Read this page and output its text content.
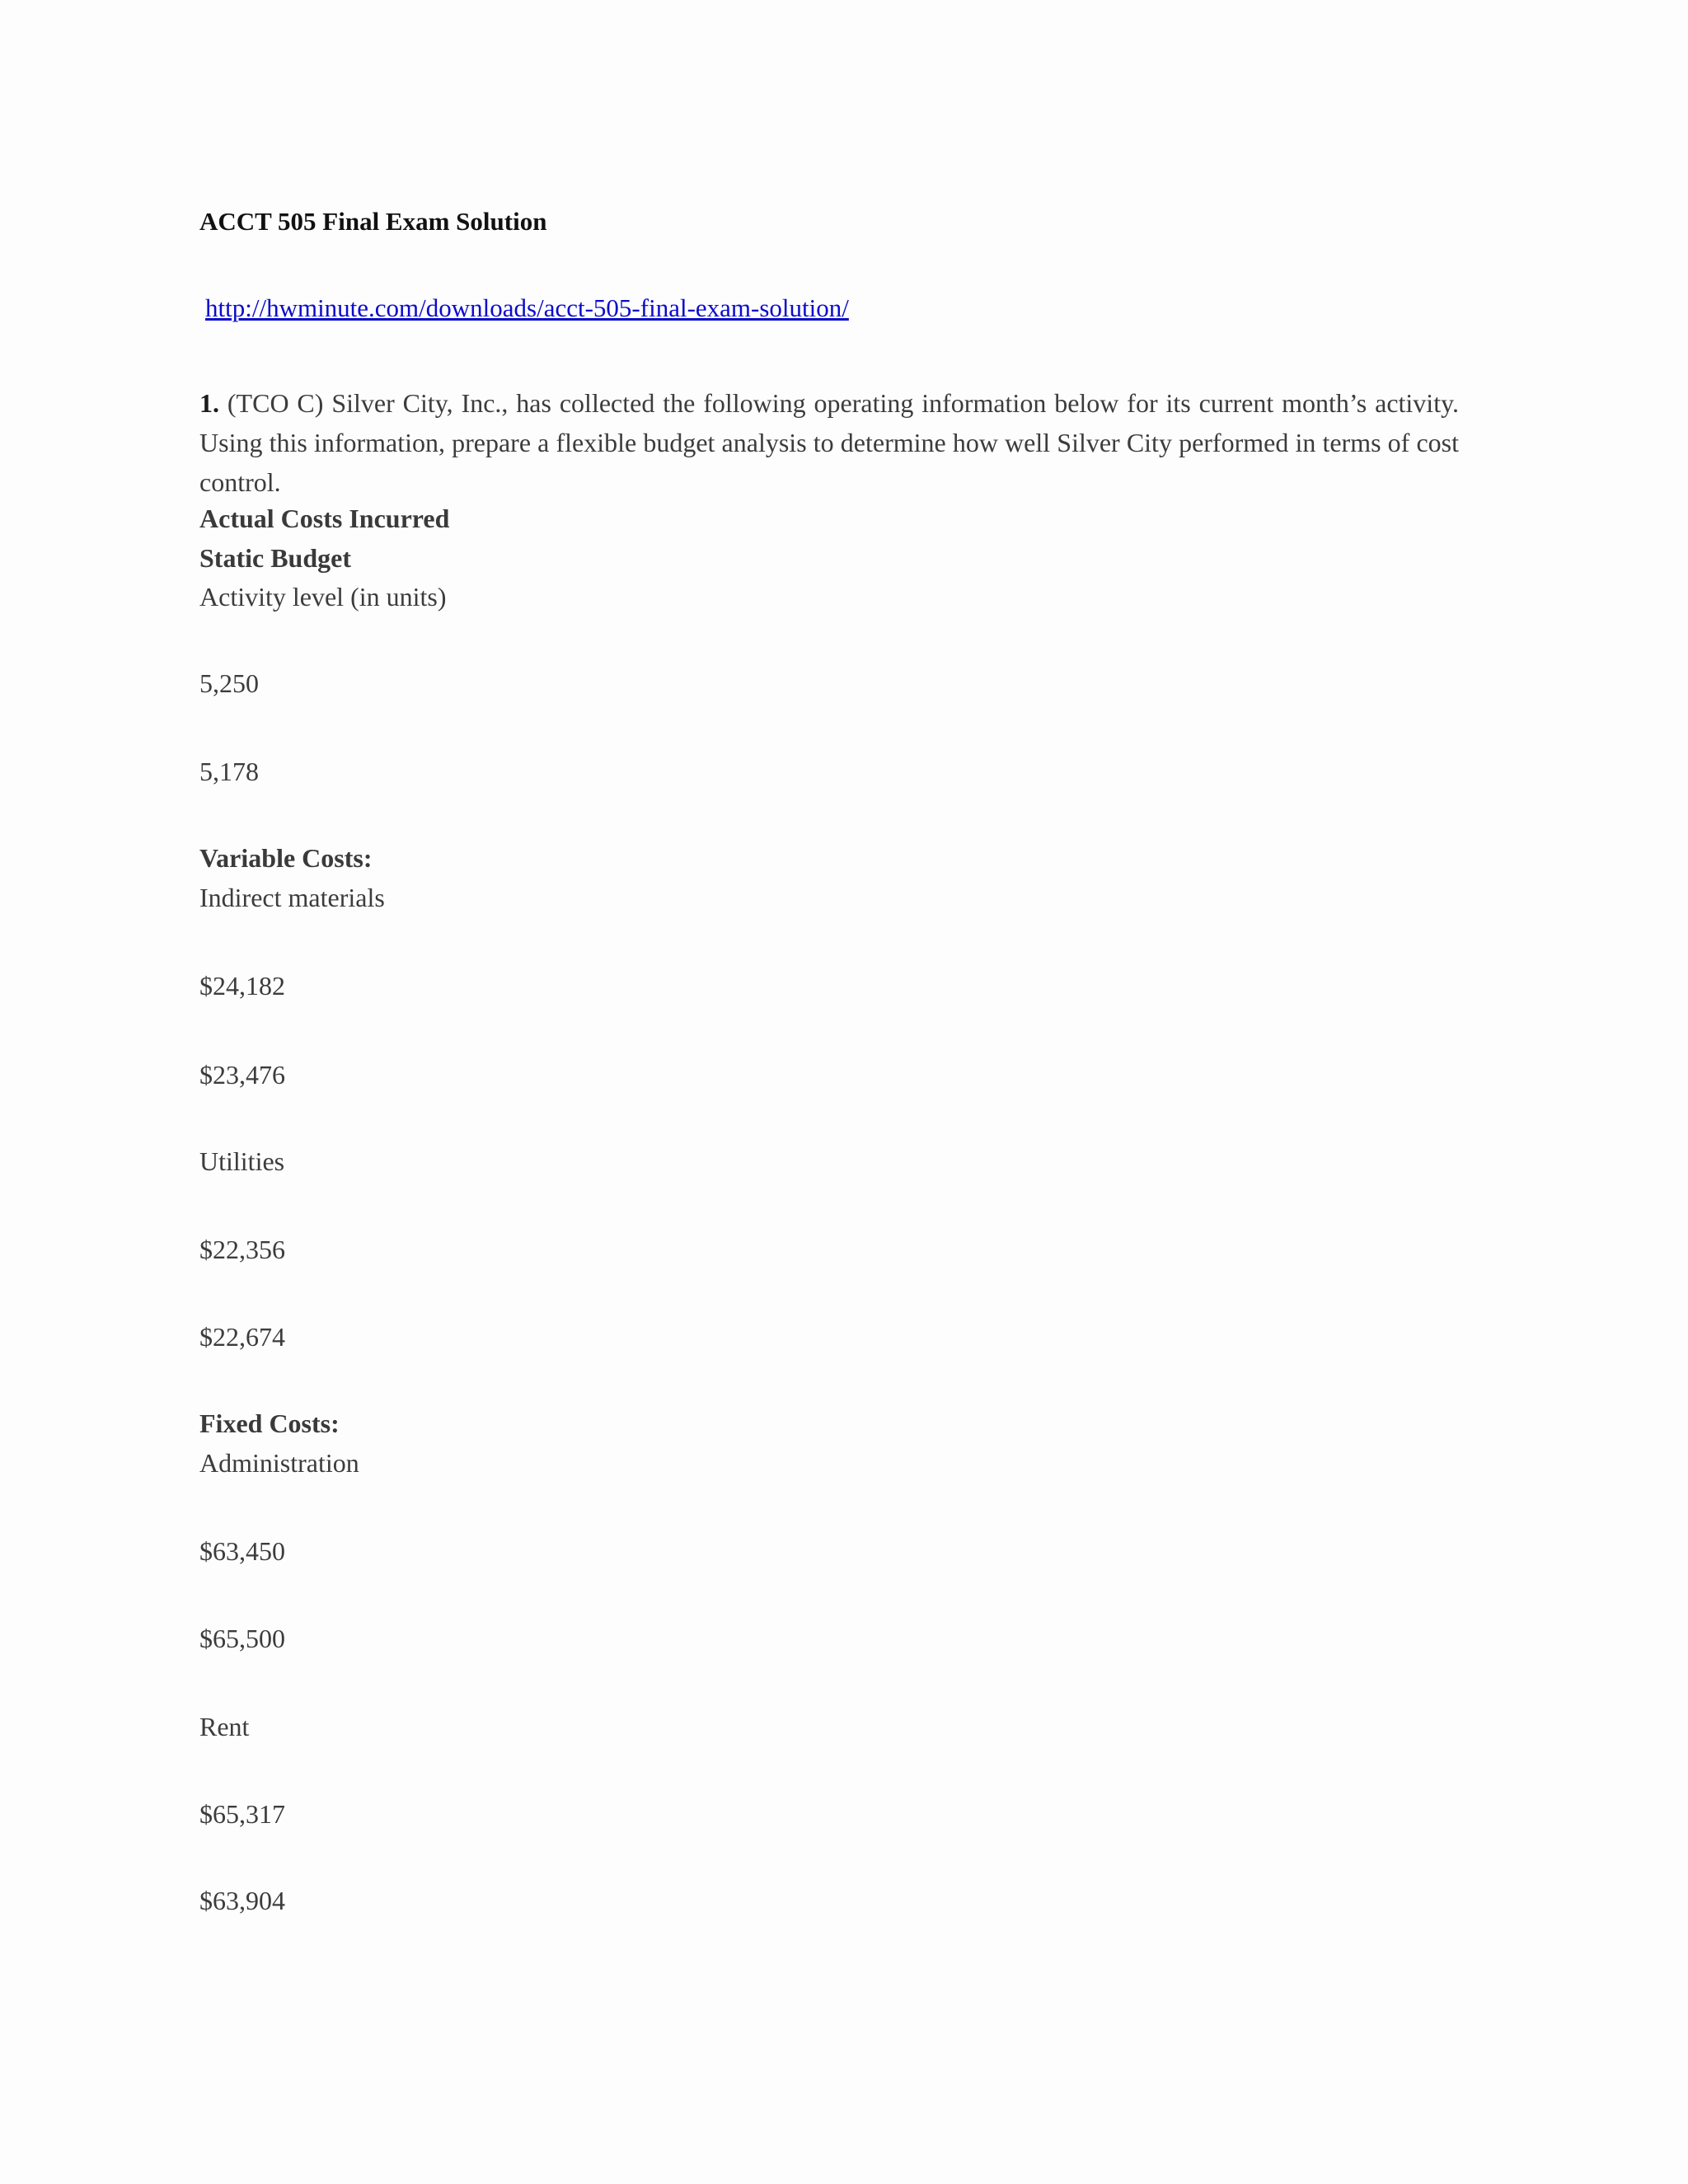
ACCT 505 Final Exam Solution
http://hwminute.com/downloads/acct-505-final-exam-solution/

1. (TCO C) Silver City, Inc., has collected the following operating information below for its current month’s activity. Using this information, prepare a flexible budget analysis to determine how well Silver City performed in terms of cost control.

Actual Costs Incurred
Static Budget
Activity level (in units)
5,250
5,178
Variable Costs:
Indirect materials
$24,182
$23,476
Utilities
$22,356
$22,674
Fixed Costs:
Administration
$63,450
$65,500
Rent
$65,317
$63,904
